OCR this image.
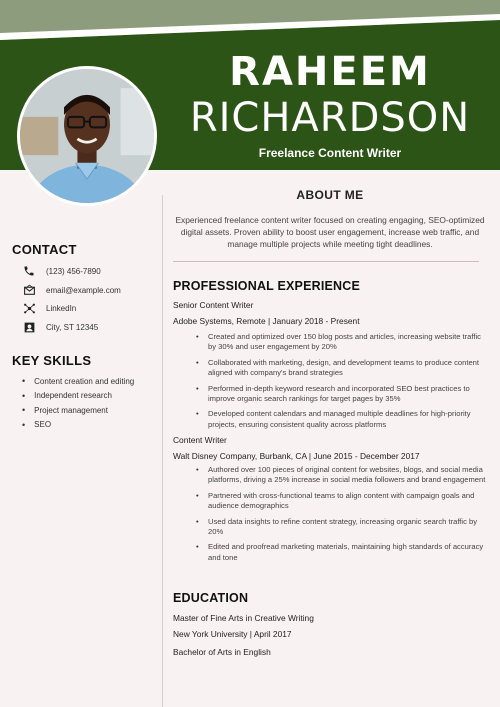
RAHEEM
RICHARDSON
Freelance Content Writer
CONTACT
(123) 456-7890
email@example.com
LinkedIn
City, ST 12345
KEY SKILLS
• Content creation and editing
• Independent research
• Project management
• SEO
ABOUT ME
Experienced freelance content writer focused on creating engaging, SEO-optimized digital assets. Proven ability to boost user engagement, increase web traffic, and manage multiple projects while meeting tight deadlines.
PROFESSIONAL EXPERIENCE
Senior Content Writer
Adobe Systems, Remote | January 2018 - Present
• Created and optimized over 150 blog posts and articles, increasing website traffic by 30% and user engagement by 20%
• Collaborated with marketing, design, and development teams to produce content aligned with company's brand strategies
• Performed in-depth keyword research and incorporated SEO best practices to improve organic search rankings for target pages by 35%
• Developed content calendars and managed multiple deadlines for high-priority projects, ensuring consistent quality across platforms
Content Writer
Walt Disney Company, Burbank, CA | June 2015 - December 2017
• Authored over 100 pieces of original content for websites, blogs, and social media platforms, driving a 25% increase in social media followers and brand engagement
• Partnered with cross-functional teams to align content with campaign goals and audience demographics
• Used data insights to refine content strategy, increasing organic search traffic by 20%
• Edited and proofread marketing materials, maintaining high standards of accuracy and tone
EDUCATION
Master of Fine Arts in Creative Writing
New York University | April 2017
Bachelor of Arts in English
